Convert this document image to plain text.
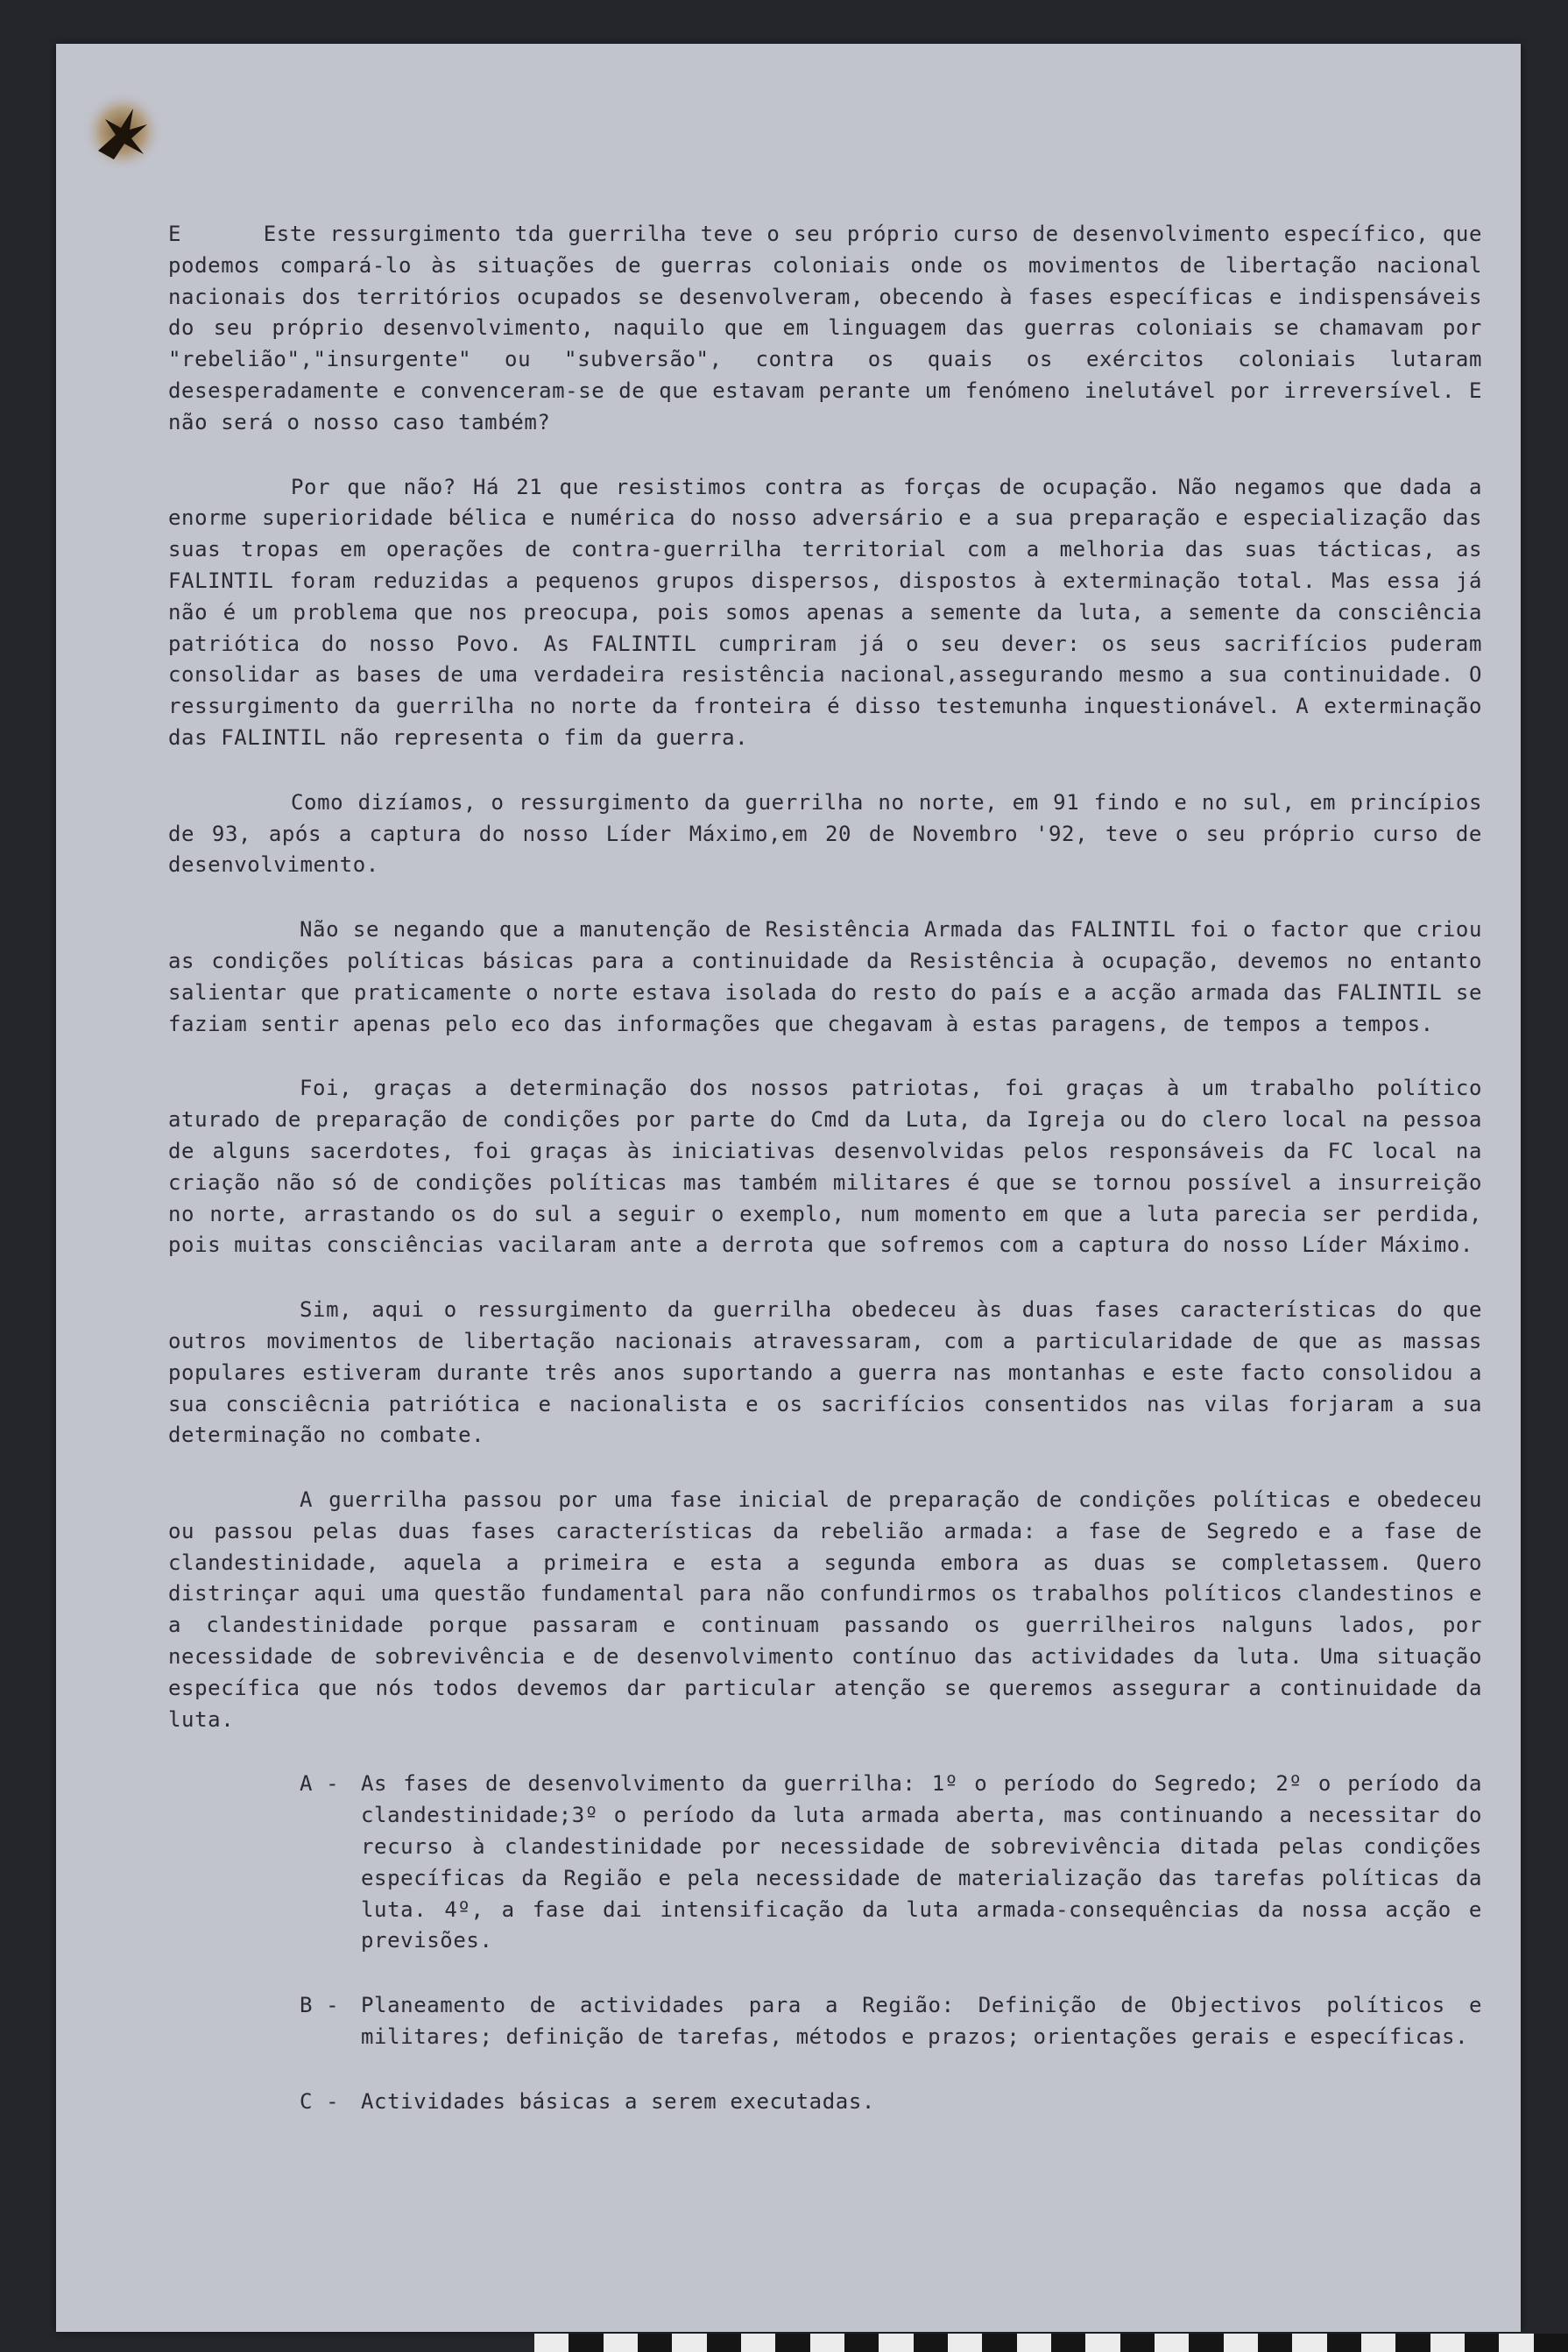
E      Este ressurgimento tda guerrilha teve o seu próprio curso de desenvolvimento específico, que podemos compará-lo às situações de guerras coloniais onde os movimentos de libertação nacional nacionais dos territórios ocupados se desenvolveram, obecendo à fases específicas e indispensáveis do seu próprio desenvolvimento, naquilo que em linguagem das guerras coloniais se chamavam por "rebelião","insurgente" ou "subversão", contra os quais os exércitos coloniais lutaram desesperadamente e convenceram-se de que estavam perante um fenómeno inelutável por irreversível. E não será o nosso caso também?

Por que não? Há 21 que resistimos contra as forças de ocupação. Não negamos que dada a enorme superioridade bélica e numérica do nosso adversário e a sua preparação e especialização das suas tropas em operações de contra-guerrilha territorial com a melhoria das suas tácticas, as FALINTIL foram reduzidas a pequenos grupos dispersos, dispostos à exterminação total. Mas essa já não é um problema que nos preocupa, pois somos apenas a semente da luta, a semente da consciência patriótica do nosso Povo. As FALINTIL cumpriram já o seu dever: os seus sacrifícios puderam consolidar as bases de uma verdadeira resistência nacional,assegurando mesmo a sua continuidade. O ressurgimento da guerrilha no norte da fronteira é disso testemunha inquestionável. A exterminação das FALINTIL não representa o fim da guerra.

Como dizíamos, o ressurgimento da guerrilha no norte, em 91 findo e no sul, em princípios de 93, após a captura do nosso Líder Máximo,em 20 de Novembro '92, teve o seu próprio curso de desenvolvimento.

Não se negando que a manutenção de Resistência Armada das FALINTIL foi o factor que criou as condições políticas básicas para a continuidade da Resistência à ocupação, devemos no entanto salientar que praticamente o norte estava isolada do resto do país e a acção armada das FALINTIL se faziam sentir apenas pelo eco das informações que chegavam à estas paragens, de tempos a tempos.

Foi, graças a determinação dos nossos patriotas, foi graças à um trabalho político aturado de preparação de condições por parte do Cmd da Luta, da Igreja ou do clero local na pessoa de alguns sacerdotes, foi graças às iniciativas desenvolvidas pelos responsáveis da FC local na criação não só de condições políticas mas também militares é que se tornou possível a insurreição no norte, arrastando os do sul a seguir o exemplo, num momento em que a luta parecia ser perdida, pois muitas consciências vacilaram ante a derrota que sofremos com a captura do nosso Líder Máximo.

Sim, aqui o ressurgimento da guerrilha obedeceu às duas fases características do que outros movimentos de libertação nacionais atravessaram, com a particularidade de que as massas populares estiveram durante três anos suportando a guerra nas montanhas e este facto consolidou a sua consciêcnia patriótica e nacionalista e os sacrifícios consentidos nas vilas forjaram a sua determinação no combate.

A guerrilha passou por uma fase inicial de preparação de condições políticas e obedeceu ou passou pelas duas fases características da rebelião armada: a fase de Segredo e a fase de clandestinidade, aquela a primeira e esta a segunda embora as duas se completassem. Quero distrinçar aqui uma questão fundamental para não confundirmos os trabalhos políticos clandestinos e a clandestinidade porque passaram e continuam passando os guerrilheiros nalguns lados, por necessidade de sobrevivência e de desenvolvimento contínuo das actividades da luta. Uma situação específica que nós todos devemos dar particular atenção se queremos assegurar a continuidade da luta.

A -	As fases de desenvolvimento da guerrilha: 1º o período do Segredo; 2º o período da clandestinidade;3º o período da luta armada aberta, mas continuando a necessitar do recurso à clandestinidade por necessidade de sobrevivência ditada pelas condições específicas da Região e pela necessidade de materialização das tarefas políticas da luta. 4º, a fase dai intensificação da luta armada-consequências da nossa acção e previsões.
B -	Planeamento de actividades para a Região: Definição de Objectivos políticos e militares; definição de tarefas, métodos e prazos; orientações gerais e específicas.
C -	Actividades básicas a serem executadas.
